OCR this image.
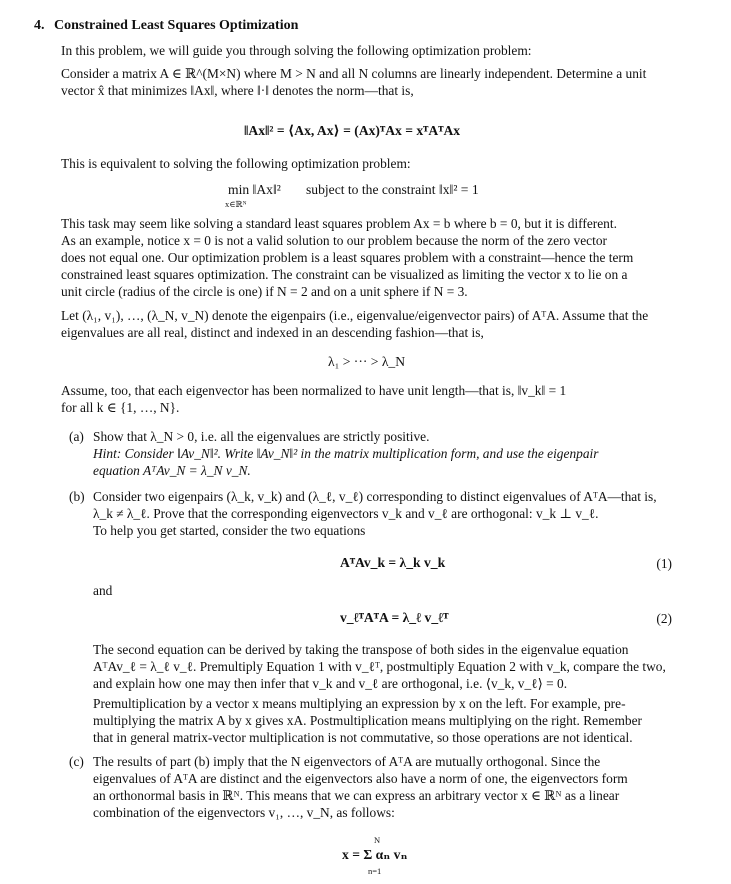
4. Constrained Least Squares Optimization
In this problem, we will guide you through solving the following optimization problem:
Consider a matrix A ∈ ℝ^(M×N) where M > N and all N columns are linearly independent. Determine a unit
vector x̂ that minimizes ‖Ax‖, where ‖·‖ denotes the norm—that is,
‖Ax‖² = ⟨Ax, Ax⟩ = (Ax)ᵀAx = xᵀAᵀAx
This is equivalent to solving the following optimization problem:
min ‖Ax‖²
x∈ℝᴺ
subject to the constraint ‖x‖² = 1
This task may seem like solving a standard least squares problem Ax = b where b = 0, but it is different.
As an example, notice x = 0 is not a valid solution to our problem because the norm of the zero vector
does not equal one. Our optimization problem is a least squares problem with a constraint—hence the term
constrained least squares optimization. The constraint can be visualized as limiting the vector x to lie on a
unit circle (radius of the circle is one) if N = 2 and on a unit sphere if N = 3.
Let (λ₁, v₁), …, (λ_N, v_N) denote the eigenpairs (i.e., eigenvalue/eigenvector pairs) of AᵀA. Assume that the
eigenvalues are all real, distinct and indexed in an descending fashion—that is,
λ₁ > ··· > λ_N
Assume, too, that each eigenvector has been normalized to have unit length—that is, ‖v_k‖ = 1
for all k ∈ {1, …, N}.
(a) Show that λ_N > 0, i.e. all the eigenvalues are strictly positive.
Hint: Consider ‖Av_N‖². Write ‖Av_N‖² in the matrix multiplication form, and use the eigenpair
equation AᵀAv_N = λ_N v_N.
(b) Consider two eigenpairs (λ_k, v_k) and (λ_ℓ, v_ℓ) corresponding to distinct eigenvalues of AᵀA—that is,
λ_k ≠ λ_ℓ. Prove that the corresponding eigenvectors v_k and v_ℓ are orthogonal: v_k ⊥ v_ℓ.
To help you get started, consider the two equations
AᵀAv_k = λ_k v_k	(1)
and
v_ℓᵀAᵀA = λ_ℓ v_ℓᵀ	(2)
The second equation can be derived by taking the transpose of both sides in the eigenvalue equation
AᵀAv_ℓ = λ_ℓ v_ℓ. Premultiply Equation 1 with v_ℓᵀ, postmultiply Equation 2 with v_k, compare the two,
and explain how one may then infer that v_k and v_ℓ are orthogonal, i.e. ⟨v_k, v_ℓ⟩ = 0.
Premultiplication by a vector x means multiplying an expression by x on the left. For example, pre-
multiplying the matrix A by x gives xA. Postmultiplication means multiplying on the right. Remember
that in general matrix-vector multiplication is not commutative, so those operations are not identical.
(c) The results of part (b) imply that the N eigenvectors of AᵀA are mutually orthogonal. Since the
eigenvalues of AᵀA are distinct and the eigenvectors also have a norm of one, the eigenvectors form
an orthonormal basis in ℝᴺ. This means that we can express an arbitrary vector x ∈ ℝᴺ as a linear
combination of the eigenvectors v₁, …, v_N, as follows:
N
x = Σ αₙ vₙ
n=1
